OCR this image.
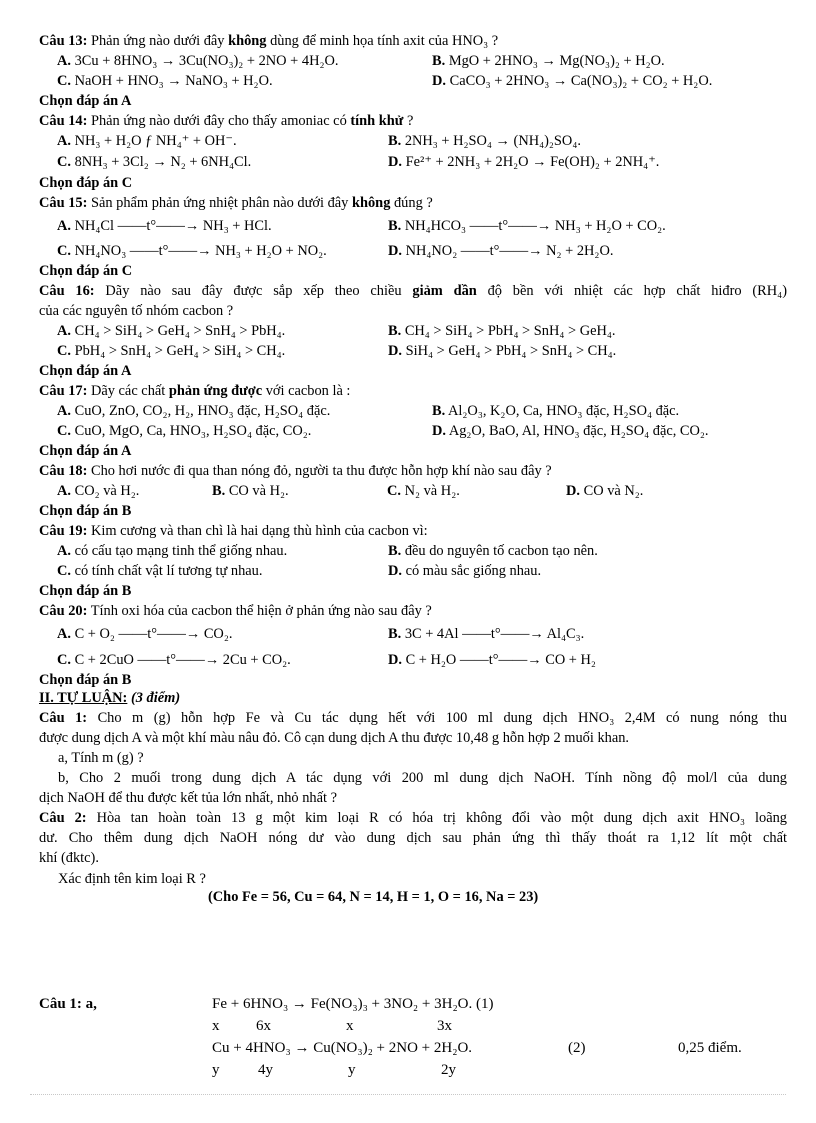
Câu 13: Phản ứng nào dưới đây không dùng để minh họa tính axit của HNO₃ ?
A. 3Cu + 8HNO₃ → 3Cu(NO₃)₂ + 2NO + 4H₂O.	B. MgO + 2HNO₃ → Mg(NO₃)₂ + H₂O.
C. NaOH + HNO₃ → NaNO₃ + H₂O.	D. CaCO₃ + 2HNO₃ → Ca(NO₃)₂ + CO₂ + H₂O.
Chọn đáp án A
Câu 14: Phản ứng nào dưới đây cho thấy amoniac có tính khử ?
A. NH₃ + H₂O ƒ NH₄⁺ + OH⁻.	B. 2NH₃ + H₂SO₄ → (NH₄)₂SO₄.
C. 8NH₃ + 3Cl₂ → N₂ + 6NH₄Cl.	D. Fe²⁺ + 2NH₃ + 2H₂O → Fe(OH)₂ + 2NH₄⁺.
Chọn đáp án C
Câu 15: Sản phẩm phản ứng nhiệt phân nào dưới đây không đúng ?
A. NH₄Cl ——t°——→ NH₃ + HCl.	B. NH₄HCO₃ ——t°——→ NH₃ + H₂O + CO₂.
C. NH₄NO₃ ——t°——→ NH₃ + H₂O + NO₂.	D. NH₄NO₂ ——t°——→ N₂ + 2H₂O.
Chọn đáp án C
Câu 16: Dãy nào sau đây được sắp xếp theo chiều giảm dần độ bền với nhiệt các hợp chất hiđro (RH₄)
của các nguyên tố nhóm cacbon ?
A. CH₄ > SiH₄ > GeH₄ > SnH₄ > PbH₄.	B. CH₄ > SiH₄ > PbH₄ > SnH₄ > GeH₄.
C. PbH₄ > SnH₄ > GeH₄ > SiH₄ > CH₄.	D. SiH₄ > GeH₄ > PbH₄ > SnH₄ > CH₄.
Chọn đáp án A
Câu 17: Dãy các chất phản ứng được với cacbon là :
A. CuO, ZnO, CO₂, H₂, HNO₃ đặc, H₂SO₄ đặc.	B. Al₂O₃, K₂O, Ca, HNO₃ đặc, H₂SO₄ đặc.
C. CuO, MgO, Ca, HNO₃, H₂SO₄ đặc, CO₂.	D. Ag₂O, BaO, Al, HNO₃ đặc, H₂SO₄ đặc, CO₂.
Chọn đáp án A
Câu 18: Cho hơi nước đi qua than nóng đỏ, người ta thu được hỗn hợp khí nào sau đây ?
A. CO₂ và H₂.	B. CO và H₂.	C. N₂ và H₂.	D. CO và N₂.
Chọn đáp án B
Câu 19: Kim cương và than chì là hai dạng thù hình của cacbon vì:
A. có cấu tạo mạng tinh thể giống nhau.	B. đều do nguyên tố cacbon tạo nên.
C. có tính chất vật lí tương tự nhau.	D. có màu sắc giống nhau.
Chọn đáp án B
Câu 20: Tính oxi hóa của cacbon thể hiện ở phản ứng nào sau đây ?
A. C + O₂ ——t°——→ CO₂.	B. 3C + 4Al ——t°——→ Al₄C₃.
C. C + 2CuO ——t°——→ 2Cu + CO₂.	D. C + H₂O ——t°——→ CO + H₂
Chọn đáp án B
II. TỰ LUẬN: (3 điểm)
Câu 1: Cho m (g) hỗn hợp Fe và Cu tác dụng hết với 100 ml dung dịch HNO₃ 2,4M có nung nóng thu
được dung dịch A và một khí màu nâu đỏ. Cô cạn dung dịch A thu được 10,48 g hỗn hợp 2 muối khan.
a, Tính m (g) ?
b, Cho 2 muối trong dung dịch A tác dụng với 200 ml dung dịch NaOH. Tính nồng độ mol/l của dung
dịch NaOH để thu được kết tủa lớn nhất, nhỏ nhất ?
Câu 2: Hòa tan hoàn toàn 13 g một kim loại R có hóa trị không đổi vào một dung dịch axit HNO₃ loãng
dư. Cho thêm dung dịch NaOH nóng dư vào dung dịch sau phản ứng thì thấy thoát ra 1,12 lít một chất
khí (đktc).
Xác định tên kim loại R ?
(Cho Fe = 56, Cu = 64, N = 14, H = 1, O = 16, Na = 23)
Câu 1: a,	Fe + 6HNO₃ → Fe(NO₃)₃ + 3NO₂ + 3H₂O. (1)
x 6x	x	3x
Cu + 4HNO₃ → Cu(NO₃)₂ + 2NO + 2H₂O.	(2)	0,25 điểm.
y	4y	y	2y
